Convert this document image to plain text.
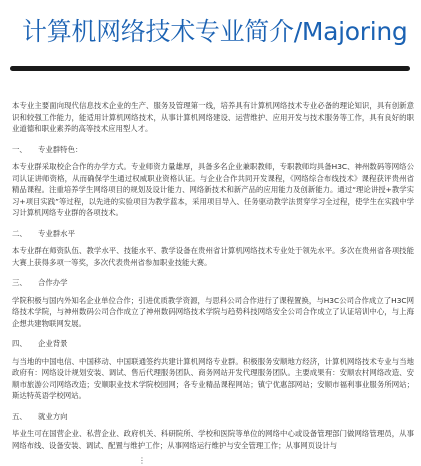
计算机网络技术专业简介/Majoring

本专业主要面向现代信息技术企业的生产、服务及管理第一线，培养具有计算机网络技术专业必备的理论知识，具有创新意识和较强工作能力，能适用计算机网络技术，从事计算机网络建设、运营维护、应用开发与技术服务等工作，具有良好的职业道德和职业素养的高等技术应用型人才。

一、 专业群特色：

本专业群采取校企合作的办学方式。专业师资力量雄厚，具备多名企业兼职教师，专职教师均具备H3C、神州数码等网络公司认证讲师资格，从而确保学生通过权威职业资格认证。与企业合作共同开发课程，《网络综合布线技术》课程获评贵州省精品课程。注重培养学生网络项目的规划及设计能力、网络新技术和新产品的应用能力及创新能力。通过“理论讲授+教学实习+项目实践”等过程，以先进的实验项目为教学蓝本，采用项目导入、任务驱动教学法贯穿学习全过程，使学生在实践中学习计算机网络专业群的各项技术。

二、 专业群水平

本专业群在师资队伍、教学水平、技能水平、教学设备在贵州省计算机网络技术专业处于领先水平。多次在贵州省各项技能大赛上获得多项一等奖，多次代表贵州省参加职业技能大赛。

三、 合作办学

学院积极与国内外知名企业单位合作；引进优质教学资源，与思科公司合作进行了课程置换，与H3C公司合作成立了H3C网络技术学院，与神州数码公司合作成立了神州数码网络技术学院与趋势科技网络安全公司合作成立了认证培训中心，与上海企想共建物联网发展。

四、 企业背景

与当地的中国电信、中国移动、中国联通签约共建计算机网络专业群。积极服务安顺地方经济，计算机网络技术专业与当地政府有：网络设计规划安装、调试、售后代理服务团队、商务网站开发代理服务团队。主要成果有：安顺农村网络改造、安顺市旅游公司网络改造；安顺职业技术学院校园网；各专业精品课程网站；镇宁优惠部网站；安顺市福利事业服务所网站；斯达特英语学校网站。

五、 就业方向

毕业生可在国营企业、私营企业、政府机关、科研院所、学校和医院等单位的网络中心或设备管理部门做网络管理员，从事网络布线、设备安装、调试、配置与维护工作；从事网络运行维护与安全管理工作；从事网页设计与

⋮
